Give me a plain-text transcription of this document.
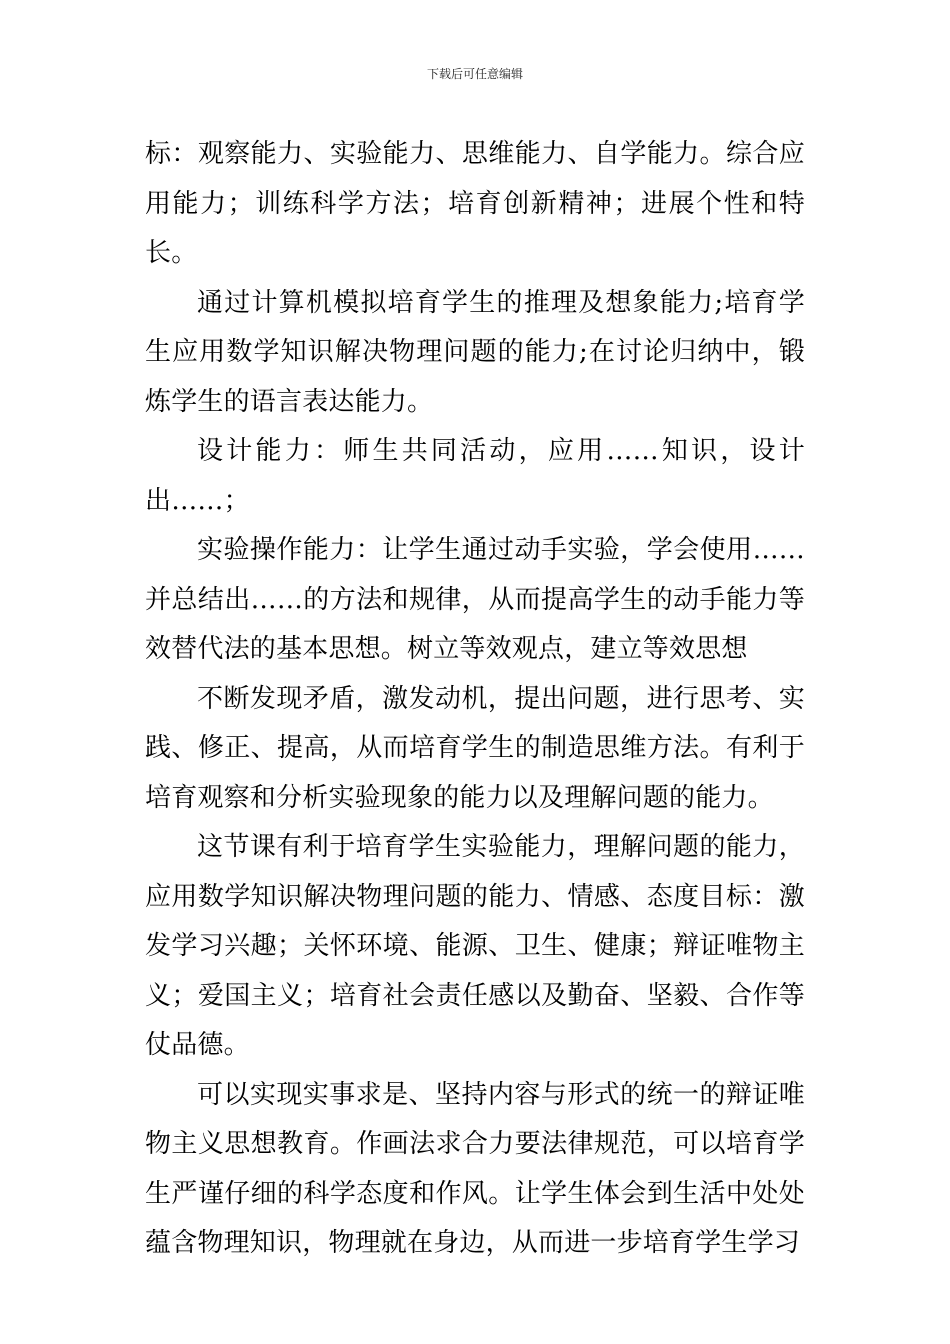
下载后可任意编辑

标：观察能力、实验能力、思维能力、自学能力。综合应用能力；训练科学方法；培育创新精神；进展个性和特长。

通过计算机模拟培育学生的推理及想象能力;培育学生应用数学知识解决物理问题的能力;在讨论归纳中，锻炼学生的语言表达能力。

设计能力：师生共同活动，应用……知识，设计出……；

实验操作能力：让学生通过动手实验，学会使用……并总结出……的方法和规律，从而提高学生的动手能力等效替代法的基本思想。树立等效观点，建立等效思想

不断发现矛盾，激发动机，提出问题，进行思考、实践、修正、提高，从而培育学生的制造思维方法。有利于培育观察和分析实验现象的能力以及理解问题的能力。

这节课有利于培育学生实验能力，理解问题的能力，应用数学知识解决物理问题的能力、情感、态度目标：激发学习兴趣；关怀环境、能源、卫生、健康；辩证唯物主义；爱国主义；培育社会责任感以及勤奋、坚毅、合作等仗品德。

可以实现实事求是、坚持内容与形式的统一的辩证唯物主义思想教育。作画法求合力要法律规范，可以培育学生严谨仔细的科学态度和作风。让学生体会到生活中处处蕴含物理知识，物理就在身边，从而进一步培育学生学习
